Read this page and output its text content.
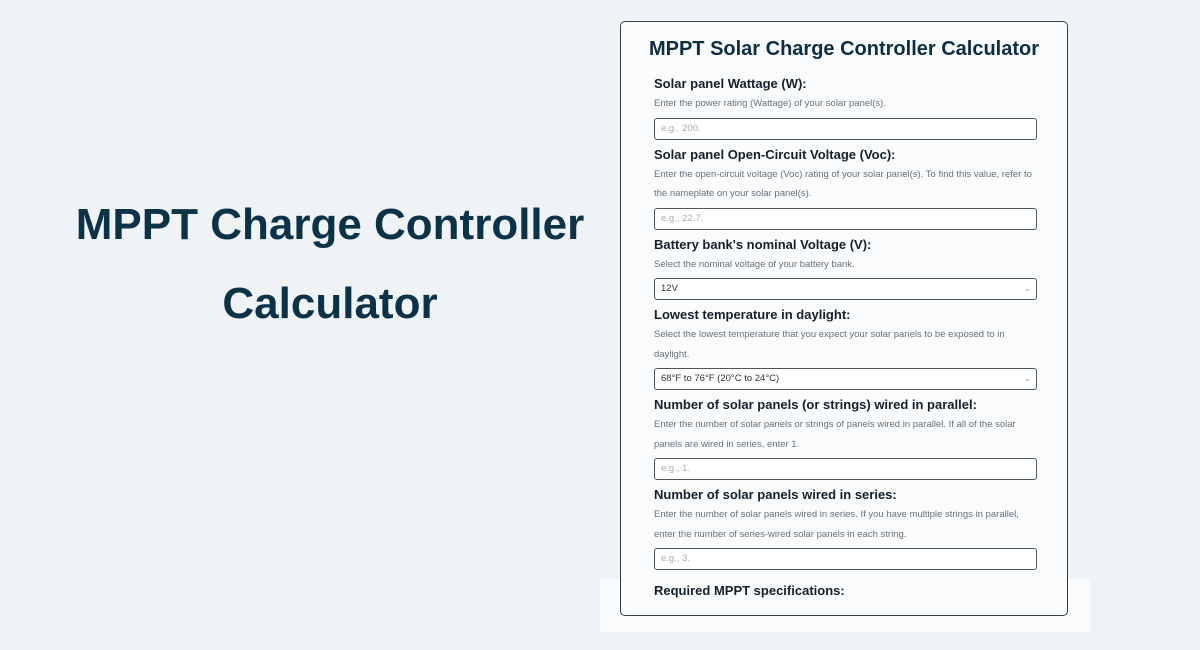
MPPT Charge Controller
Calculator
MPPT Solar Charge Controller Calculator
Solar panel Wattage (W):
Enter the power rating (Wattage) of your solar panel(s).
e.g., 200.
Solar panel Open-Circuit Voltage (Voc):
Enter the open-circuit voltage (Voc) rating of your solar panel(s). To find this value, refer to the nameplate on your solar panel(s).
e.g., 22.7.
Battery bank's nominal Voltage (V):
Select the nominal voltage of your battery bank.
12V	⌄
Lowest temperature in daylight:
Select the lowest temperature that you expect your solar panels to be exposed to in daylight.
68°F to 76°F (20°C to 24°C)	⌄
Number of solar panels (or strings) wired in parallel:
Enter the number of solar panels or strings of panels wired in parallel. If all of the solar panels are wired in series, enter 1.
e.g., 1.
Number of solar panels wired in series:
Enter the number of solar panels wired in series. If you have multiple strings in parallel, enter the number of series-wired solar panels in each string.
e.g., 3.
Required MPPT specifications:
